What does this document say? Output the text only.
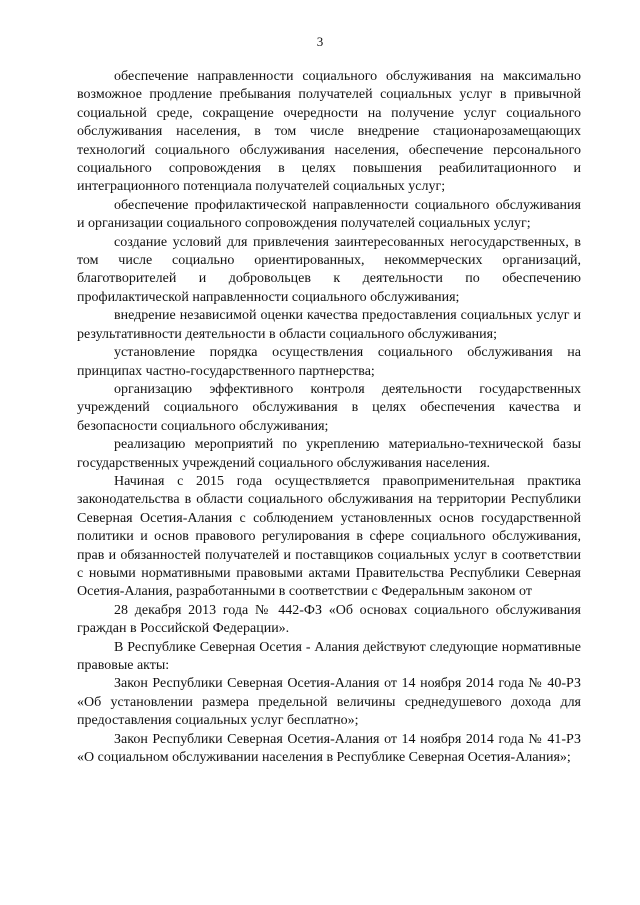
3

обеспечение направленности социального обслуживания на максимально возможное продление пребывания получателей социальных услуг в привычной социальной среде, сокращение очередности на получение услуг социального обслуживания населения, в том числе внедрение стационарозамещающих технологий социального обслуживания населения, обеспечение персонального социального сопровождения в целях повышения реабилитационного и интеграционного потенциала получателей социальных услуг;

обеспечение профилактической направленности социального обслуживания и организации социального сопровождения получателей социальных услуг;

создание условий для привлечения заинтересованных негосударственных, в том числе социально ориентированных, некоммерческих организаций, благотворителей и добровольцев к деятельности по обеспечению профилактической направленности социального обслуживания;

внедрение независимой оценки качества предоставления социальных услуг и результативности деятельности в области социального обслуживания;

установление порядка осуществления социального обслуживания на принципах частно-государственного партнерства;

организацию эффективного контроля деятельности государственных учреждений социального обслуживания в целях обеспечения качества и безопасности социального обслуживания;

реализацию мероприятий по укреплению материально-технической базы государственных учреждений социального обслуживания населения.

Начиная с 2015 года осуществляется правоприменительная практика законодательства в области социального обслуживания на территории Республики Северная Осетия-Алания с соблюдением установленных основ государственной политики и основ правового регулирования в сфере социального обслуживания, прав и обязанностей получателей и поставщиков социальных услуг в соответствии с новыми нормативными правовыми актами Правительства Республики Северная Осетия-Алания, разработанными в соответствии с Федеральным законом от

28 декабря 2013 года № 442-ФЗ «Об основах социального обслуживания граждан в Российской Федерации».

В Республике Северная Осетия - Алания действуют следующие нормативные правовые акты:

Закон Республики Северная Осетия-Алания от 14 ноября 2014 года № 40-РЗ «Об установлении размера предельной величины среднедушевого дохода для предоставления социальных услуг бесплатно»;

Закон Республики Северная Осетия-Алания от 14 ноября 2014 года № 41-РЗ «О социальном обслуживании населения в Республике Северная Осетия-Алания»;
